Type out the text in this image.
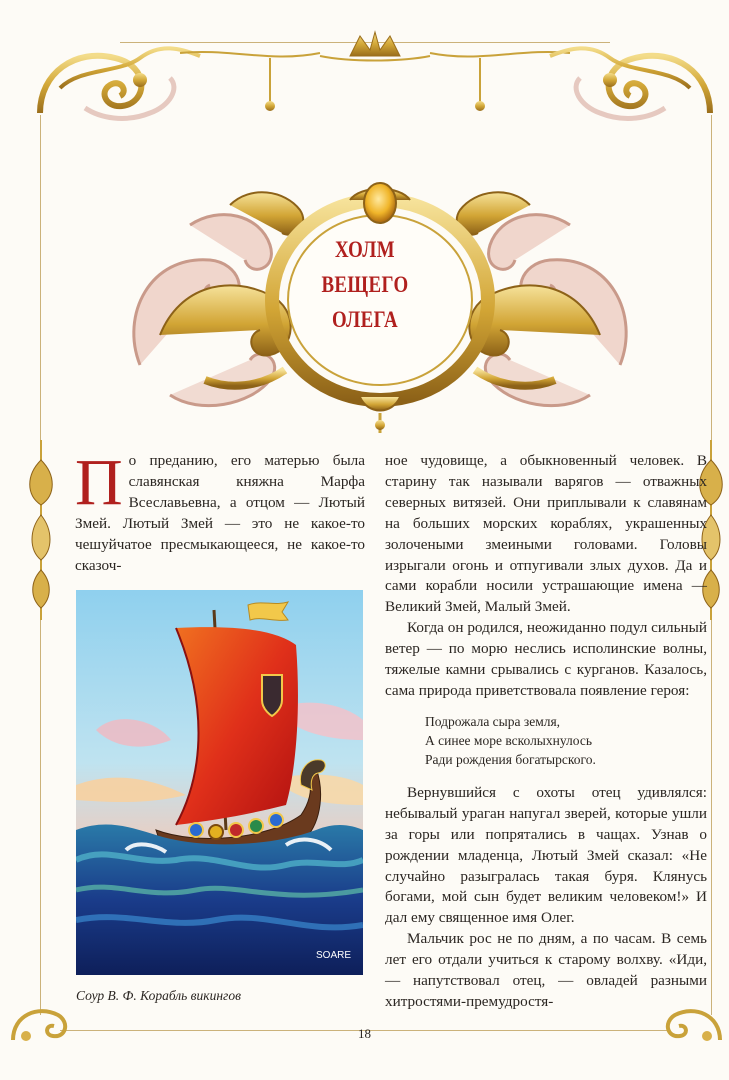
ХОЛМ
ВЕЩЕГО
ОЛЕГА

По преданию, его матерью была славянская княжна Марфа Всеславьевна, а отцом — Лютый Змей. Лютый Змей — это не какое-то чешуйчатое пресмыкающееся, не какое-то сказоч-

SOARE
Соур В. Ф. Корабль викингов

ное чудовище, а обыкновенный человек. В старину так называли варягов — отважных северных витязей. Они приплывали к славянам на больших морских кораблях, украшенных золочеными змеиными головами. Головы изрыгали огонь и отпугивали злых духов. Да и сами корабли носили устрашающие имена — Великий Змей, Малый Змей.

Когда он родился, неожиданно подул сильный ветер — по морю неслись исполинские волны, тяжелые камни срывались с курганов. Казалось, сама природа приветствовала появление героя:

Подрожала сыра земля,
А синее море всколыхнулось
Ради рождения богатырского.

Вернувшийся с охоты отец удивлялся: небывалый ураган напугал зверей, которые ушли за горы или попрятались в чащах. Узнав о рождении младенца, Лютый Змей сказал: «Не случайно разыгралась такая буря. Клянусь богами, мой сын будет великим человеком!» И дал ему священное имя Олег.

Мальчик рос не по дням, а по часам. В семь лет его отдали учиться к старому волхву. «Иди, — напутствовал отец, — овладей разными хитростями-премудростя-

18
